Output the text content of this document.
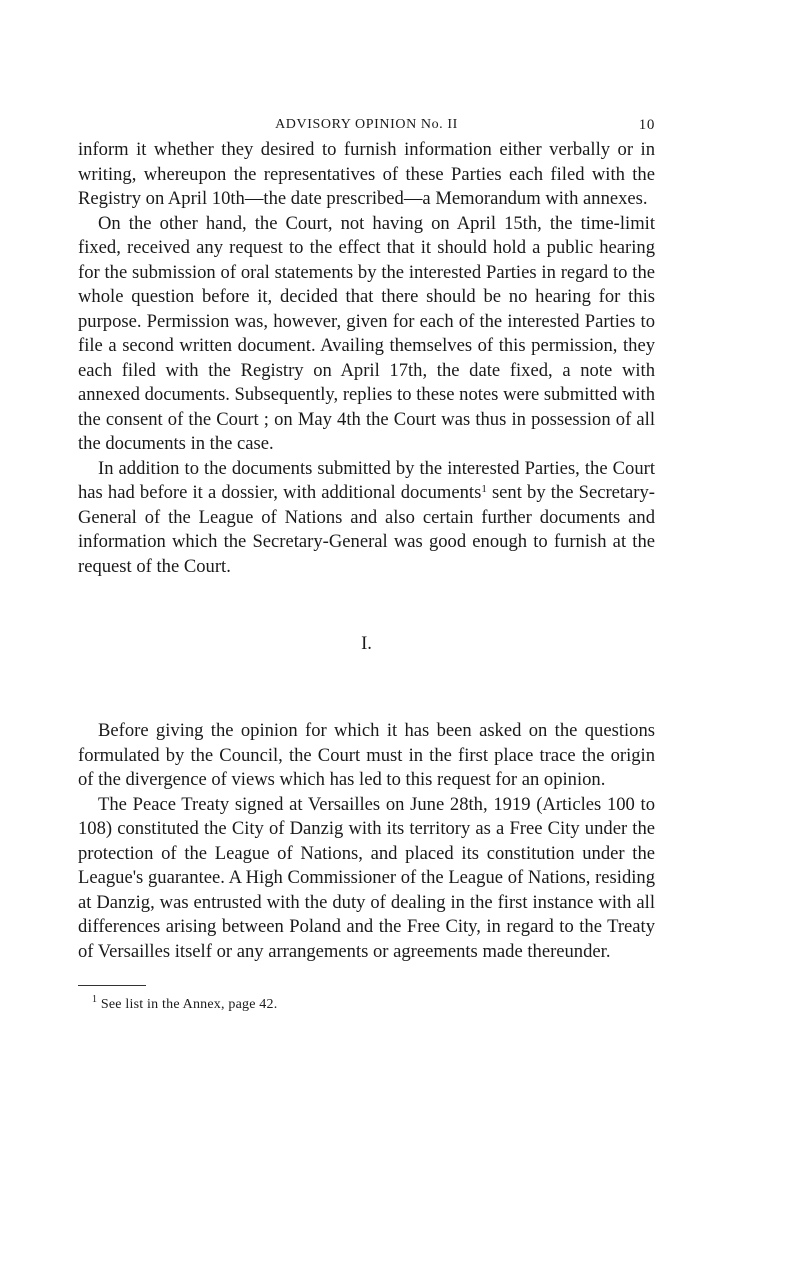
ADVISORY OPINION No. II	10

inform it whether they desired to furnish information either verbally or in writing, whereupon the representatives of these Parties each filed with the Registry on April 10th—the date prescribed—a Memorandum with annexes.

On the other hand, the Court, not having on April 15th, the time-limit fixed, received any request to the effect that it should hold a public hearing for the submission of oral statements by the interested Parties in regard to the whole question before it, decided that there should be no hearing for this purpose. Permission was, however, given for each of the interested Parties to file a second written document. Availing themselves of this permission, they each filed with the Registry on April 17th, the date fixed, a note with annexed documents. Subsequently, replies to these notes were submitted with the consent of the Court ; on May 4th the Court was thus in possession of all the documents in the case.

In addition to the documents submitted by the interested Parties, the Court has had before it a dossier, with additional documents$^1$ sent by the Secretary-General of the League of Nations and also certain further documents and information which the Secretary-General was good enough to furnish at the request of the Court.

I.

Before giving the opinion for which it has been asked on the questions formulated by the Council, the Court must in the first place trace the origin of the divergence of views which has led to this request for an opinion.

The Peace Treaty signed at Versailles on June 28th, 1919 (Articles 100 to 108) constituted the City of Danzig with its territory as a Free City under the protection of the League of Nations, and placed its constitution under the League's guarantee. A High Commissioner of the League of Nations, residing at Danzig, was entrusted with the duty of dealing in the first instance with all differences arising between Poland and the Free City, in regard to the Treaty of Versailles itself or any arrangements or agreements made thereunder.

$^1$ See list in the Annex, page 42.
